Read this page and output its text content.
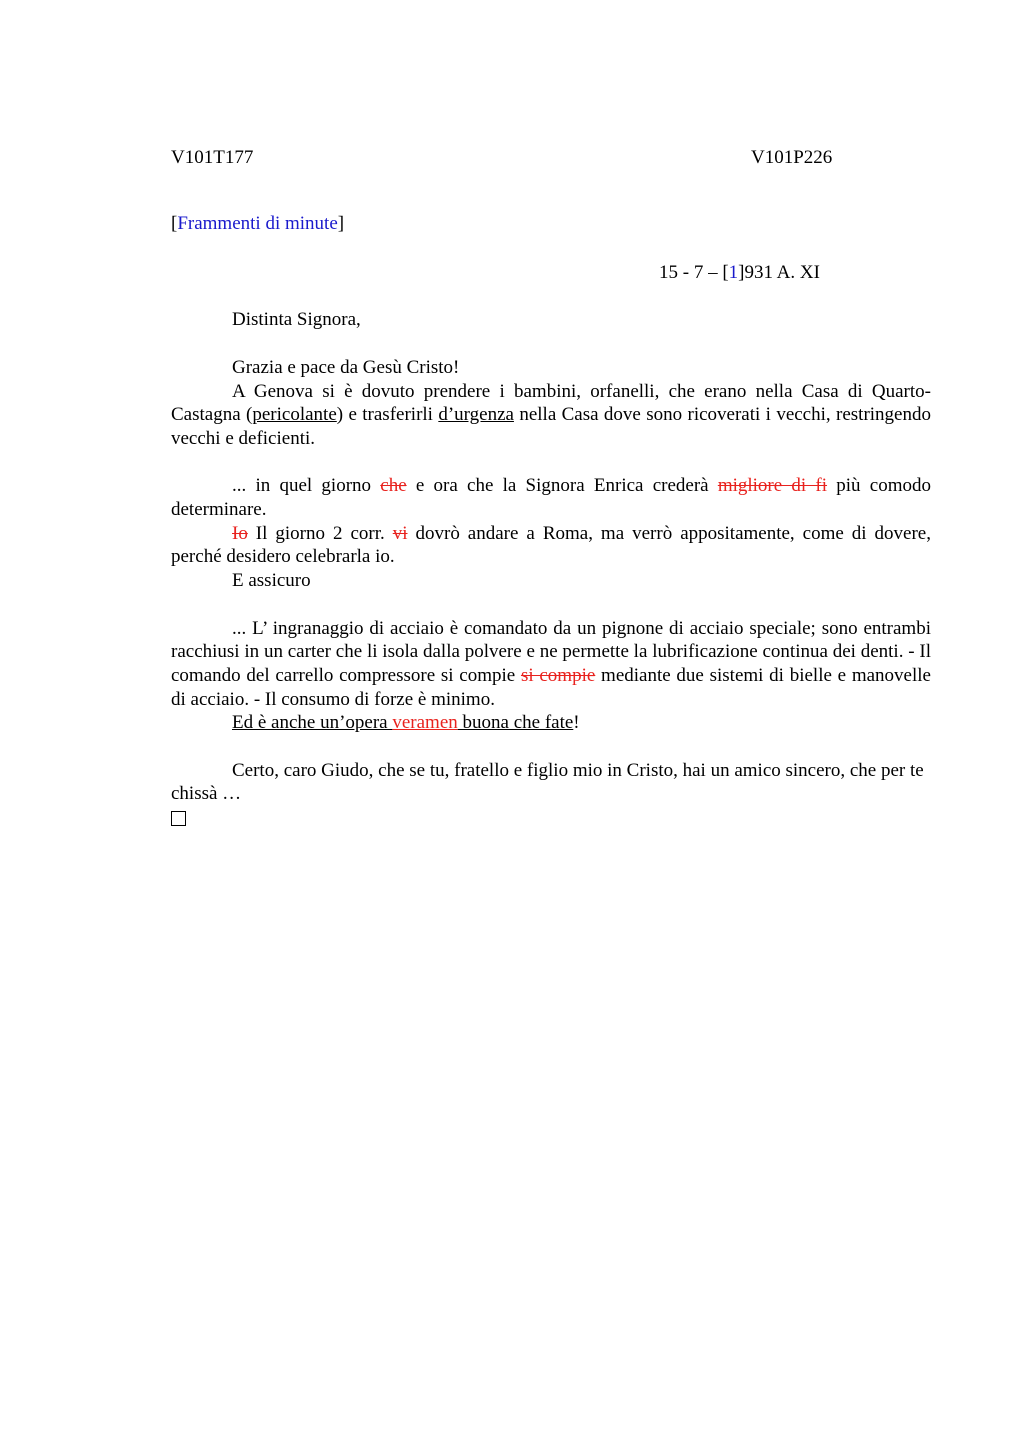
V101T177	V101P226
[Frammenti di minute]
15 - 7 – [1]931 A. XI

Distinta Signora,

Grazia e pace da Gesù Cristo!

A Genova si è dovuto prendere i bambini, orfanelli, che erano nella Casa di Quarto-Castagna (pericolante) e trasferirli d’urgenza nella Casa dove sono ricoverati i vecchi, restringendo vecchi e deficienti.

... in quel giorno che e ora che la Signora Enrica crederà migliore di fi più comodo determinare.

Io Il giorno 2 corr. vi dovrò andare a Roma, ma verrò appositamente, come di dovere, perché desidero celebrarla io.

E assicuro

... L’ ingranaggio di acciaio è comandato da un pignone di acciaio speciale; sono entrambi racchiusi in un carter che li isola dalla polvere e ne permette la lubrificazione continua dei denti. - Il comando del carrello compressore si compie si compie mediante due sistemi di bielle e manovelle di acciaio. - Il consumo di forze è minimo.

Ed è anche un’opera veramen buona che fate!

Certo, caro Giudo, che se tu, fratello e figlio mio in Cristo, hai un amico sincero, che per te chissà …
